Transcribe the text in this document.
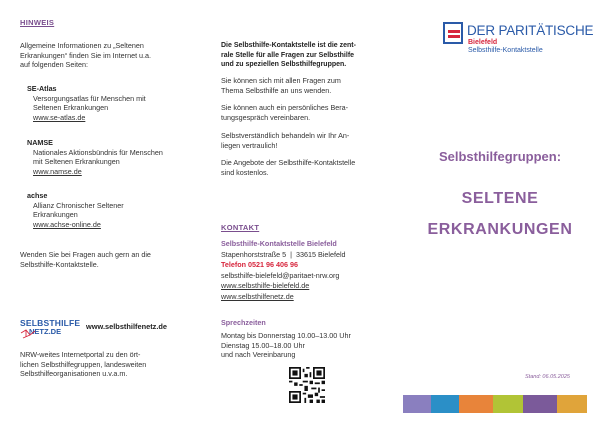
HINWEIS
Allgemeine Informationen zu „Seltenen
Erkrankungen“ finden Sie im Internet u.a.
auf folgenden Seiten:
SE-Atlas
Versorgungsatlas für Menschen mit
Seltenen Erkrankungen
www.se-atlas.de
NAMSE
Nationales Aktionsbündnis für Menschen
mit Seltenen Erkrankungen
www.namse.de
achse
Allianz Chronischer Seltener
Erkrankungen
www.achse-online.de
Wenden Sie bei Fragen auch gern an die
Selbsthilfe-Kontaktstelle.
SELBSTHILFE
NETZ.DE
www.selbsthilfenetz.de
NRW-weites Internetportal zu den ört-
lichen Selbsthilfegruppen, landesweiten
Selbsthilfeorganisationen u.v.a.m.
Die Selbsthilfe-Kontaktstelle ist die zent-
rale Stelle für alle Fragen zur Selbsthilfe
und zu speziellen Selbsthilfegruppen.
Sie können sich mit allen Fragen zum
Thema Selbsthilfe an uns wenden.
Sie können auch ein persönliches Bera-
tungsgespräch vereinbaren.
Selbstverständlich behandeln wir Ihr An-
liegen vertraulich!
Die Angebote der Selbsthilfe-Kontaktstelle
sind kostenlos.
KONTAKT
Selbsthilfe-Kontaktstelle Bielefeld
Stapenhorststraße 5  |  33615 Bielefeld
Telefon 0521 96 406 96
selbsthilfe-bielefeld@paritaet-nrw.org
www.selbsthilfe-bielefeld.de
www.selbsthilfenetz.de
Sprechzeiten
Montag bis Donnerstag 10.00–13.00 Uhr
Dienstag 15.00–18.00 Uhr
und nach Vereinbarung
DER PARITÄTISCHE
Bielefeld
Selbsthilfe-Kontaktstelle
Selbsthilfegruppen:
SELTENE
ERKRANKUNGEN
Stand: 06.05.2025
